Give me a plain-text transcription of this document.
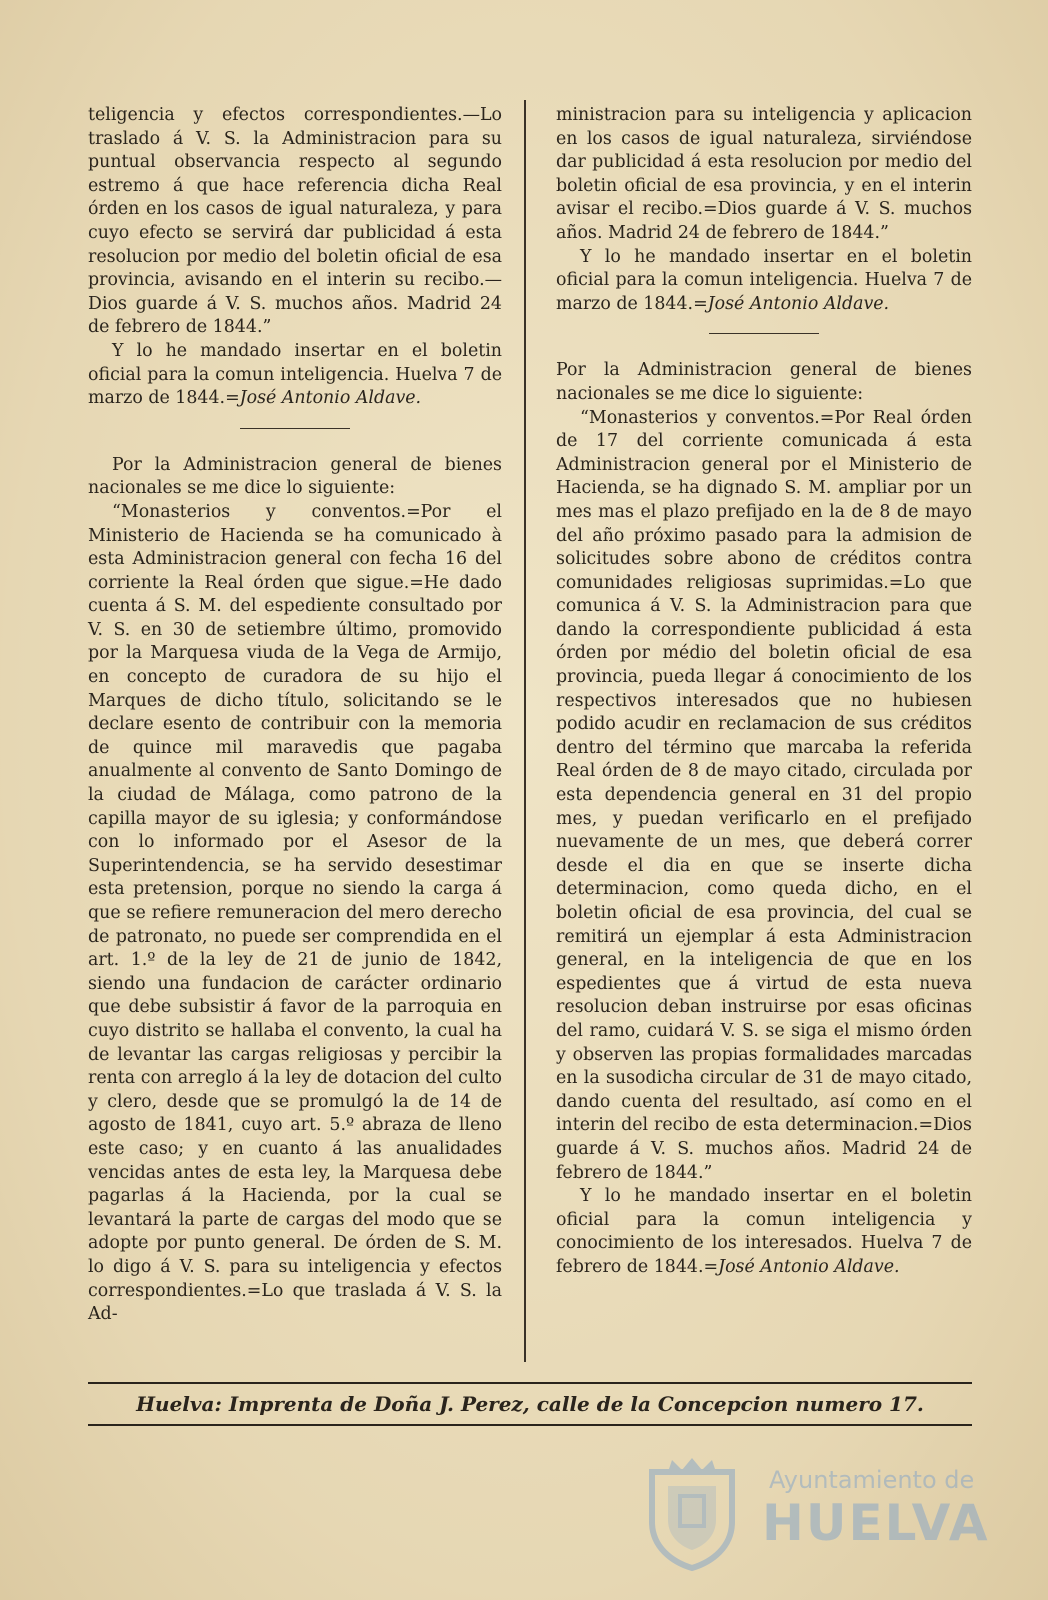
teligencia y efectos correspondientes.—Lo traslado á V. S. la Administracion para su puntual observancia respecto al segundo estremo á que hace referencia dicha Real órden en los casos de igual naturaleza, y para cuyo efecto se servirá dar publicidad á esta resolucion por medio del boletin oficial de esa provincia, avisando en el interin su recibo.—Dios guarde á V. S. muchos años. Madrid 24 de febrero de 1844.”

Y lo he mandado insertar en el boletin oficial para la comun inteligencia. Huelva 7 de marzo de 1844.=José Antonio Aldave.

Por la Administracion general de bienes nacionales se me dice lo siguiente:

“Monasterios y conventos.=Por el Ministerio de Hacienda se ha comunicado à esta Administracion general con fecha 16 del corriente la Real órden que sigue.=He dado cuenta á S. M. del espediente consultado por V. S. en 30 de setiembre último, promovido por la Marquesa viuda de la Vega de Armijo, en concepto de curadora de su hijo el Marques de dicho título, solicitando se le declare esento de contribuir con la memoria de quince mil maravedis que pagaba anualmente al convento de Santo Domingo de la ciudad de Málaga, como patrono de la capilla mayor de su iglesia; y conformándose con lo informado por el Asesor de la Superintendencia, se ha servido desestimar esta pretension, porque no siendo la carga á que se refiere remuneracion del mero derecho de patronato, no puede ser comprendida en el art. 1.º de la ley de 21 de junio de 1842, siendo una fundacion de carácter ordinario que debe subsistir á favor de la parroquia en cuyo distrito se hallaba el convento, la cual ha de levantar las cargas religiosas y percibir la renta con arreglo á la ley de dotacion del culto y clero, desde que se promulgó la de 14 de agosto de 1841, cuyo art. 5.º abraza de lleno este caso; y en cuanto á las anualidades vencidas antes de esta ley, la Marquesa debe pagarlas á la Hacienda, por la cual se levantará la parte de cargas del modo que se adopte por punto general. De órden de S. M. lo digo á V. S. para su inteligencia y efectos correspondientes.=Lo que traslada á V. S. la Ad-

ministracion para su inteligencia y aplicacion en los casos de igual naturaleza, sirviéndose dar publicidad á esta resolucion por medio del boletin oficial de esa provincia, y en el interin avisar el recibo.=Dios guarde á V. S. muchos años. Madrid 24 de febrero de 1844.”

Y lo he mandado insertar en el boletin oficial para la comun inteligencia. Huelva 7 de marzo de 1844.=José Antonio Aldave.

Por la Administracion general de bienes nacionales se me dice lo siguiente:

“Monasterios y conventos.=Por Real órden de 17 del corriente comunicada á esta Administracion general por el Ministerio de Hacienda, se ha dignado S. M. ampliar por un mes mas el plazo prefijado en la de 8 de mayo del año próximo pasado para la admision de solicitudes sobre abono de créditos contra comunidades religiosas suprimidas.=Lo que comunica á V. S. la Administracion para que dando la correspondiente publicidad á esta órden por médio del boletin oficial de esa provincia, pueda llegar á conocimiento de los respectivos interesados que no hubiesen podido acudir en reclamacion de sus créditos dentro del término que marcaba la referida Real órden de 8 de mayo citado, circulada por esta dependencia general en 31 del propio mes, y puedan verificarlo en el prefijado nuevamente de un mes, que deberá correr desde el dia en que se inserte dicha determinacion, como queda dicho, en el boletin oficial de esa provincia, del cual se remitirá un ejemplar á esta Administracion general, en la inteligencia de que en los espedientes que á virtud de esta nueva resolucion deban instruirse por esas oficinas del ramo, cuidará V. S. se siga el mismo órden y observen las propias formalidades marcadas en la susodicha circular de 31 de mayo citado, dando cuenta del resultado, así como en el interin del recibo de esta determinacion.=Dios guarde á V. S. muchos años. Madrid 24 de febrero de 1844.”

Y lo he mandado insertar en el boletin oficial para la comun inteligencia y conocimiento de los interesados. Huelva 7 de febrero de 1844.=José Antonio Aldave.

Huelva: Imprenta de Doña J. Perez, calle de la Concepcion numero 17.
Ayuntamiento de
HUELVA
